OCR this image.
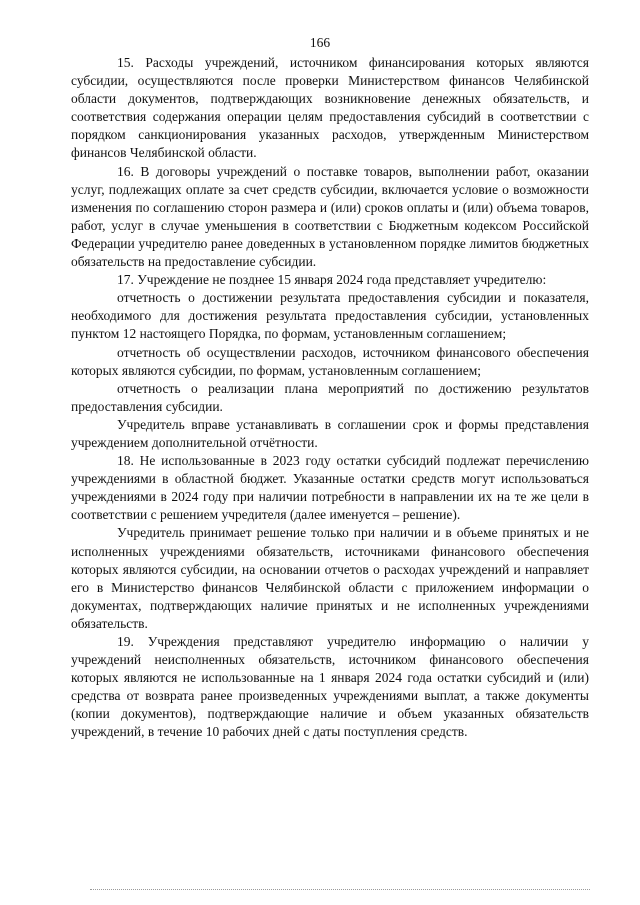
166

15. Расходы учреждений, источником финансирования которых являются субсидии, осуществляются после проверки Министерством финансов Челябинской области документов, подтверждающих возникновение денежных обязательств, и соответствия содержания операции целям предоставления субсидий в соответствии с порядком санкционирования указанных расходов, утвержденным Министерством финансов Челябинской области.

16. В договоры учреждений о поставке товаров, выполнении работ, оказании услуг, подлежащих оплате за счет средств субсидии, включается условие о возможности изменения по соглашению сторон размера и (или) сроков оплаты и (или) объема товаров, работ, услуг в случае уменьшения в соответствии с Бюджетным кодексом Российской Федерации учредителю ранее доведенных в установленном порядке лимитов бюджетных обязательств на предоставление субсидии.

17. Учреждение не позднее 15 января 2024 года представляет учредителю:

отчетность о достижении результата предоставления субсидии и показателя, необходимого для достижения результата предоставления субсидии, установленных пунктом 12 настоящего Порядка, по формам, установленным соглашением;

отчетность об осуществлении расходов, источником финансового обеспечения которых являются субсидии, по формам, установленным соглашением;

отчетность о реализации плана мероприятий по достижению результатов предоставления субсидии.

Учредитель вправе устанавливать в соглашении срок и формы представления учреждением дополнительной отчётности.

18. Не использованные в 2023 году остатки субсидий подлежат перечислению учреждениями в областной бюджет. Указанные остатки средств могут использоваться учреждениями в 2024 году при наличии потребности в направлении их на те же цели в соответствии с решением учредителя (далее именуется – решение).

Учредитель принимает решение только при наличии и в объеме принятых и не исполненных учреждениями обязательств, источниками финансового обеспечения которых являются субсидии, на основании отчетов о расходах учреждений и направляет его в Министерство финансов Челябинской области с приложением информации о документах, подтверждающих наличие принятых и не исполненных учреждениями обязательств.

19. Учреждения представляют учредителю информацию о наличии у учреждений неисполненных обязательств, источником финансового обеспечения которых являются не использованные на 1 января 2024 года остатки субсидий и (или) средства от возврата ранее произведенных учреждениями выплат, а также документы (копии документов), подтверждающие наличие и объем указанных обязательств учреждений, в течение 10 рабочих дней с даты поступления средств.
